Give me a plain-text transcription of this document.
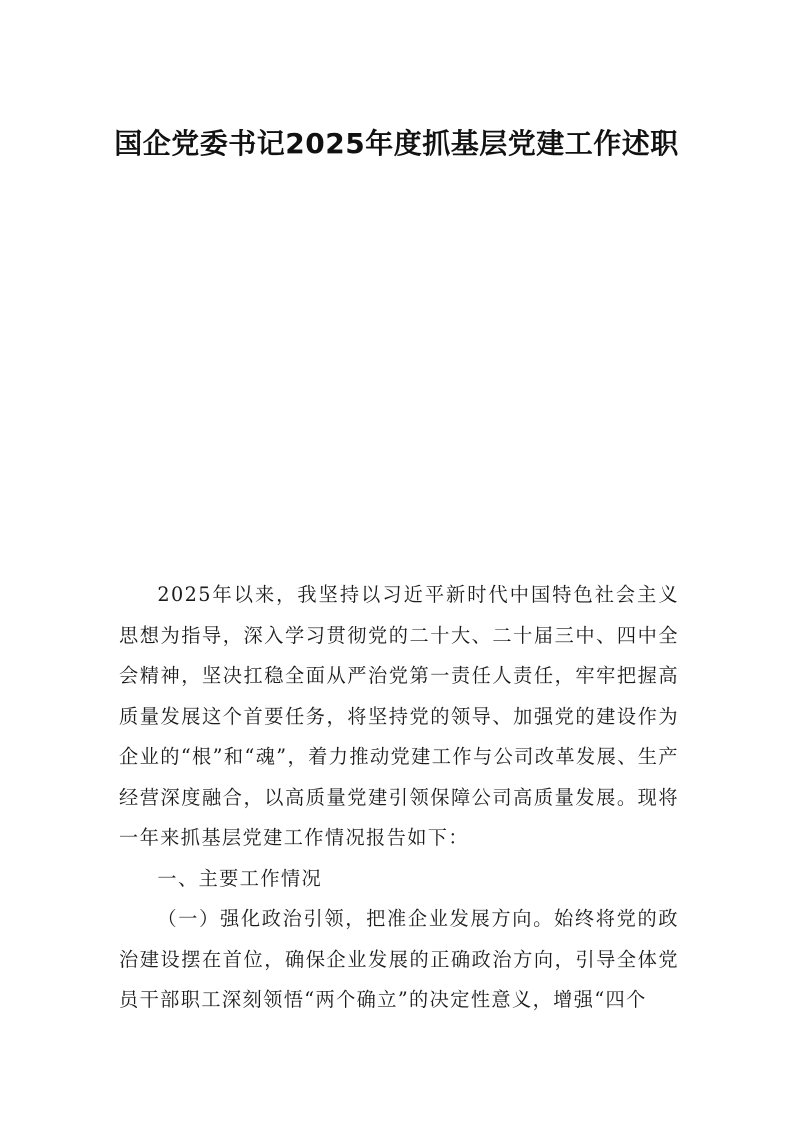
国企党委书记2025年度抓基层党建工作述职

2025年以来，我坚持以习近平新时代中国特色社会主义思想为指导，深入学习贯彻党的二十大、二十届三中、四中全会精神，坚决扛稳全面从严治党第一责任人责任，牢牢把握高质量发展这个首要任务，将坚持党的领导、加强党的建设作为企业的“根”和“魂”，着力推动党建工作与公司改革发展、生产经营深度融合，以高质量党建引领保障公司高质量发展。现将一年来抓基层党建工作情况报告如下：

一、主要工作情况

（一）强化政治引领，把准企业发展方向。始终将党的政治建设摆在首位，确保企业发展的正确政治方向，引导全体党员干部职工深刻领悟“两个确立”的决定性意义，增强“四个
